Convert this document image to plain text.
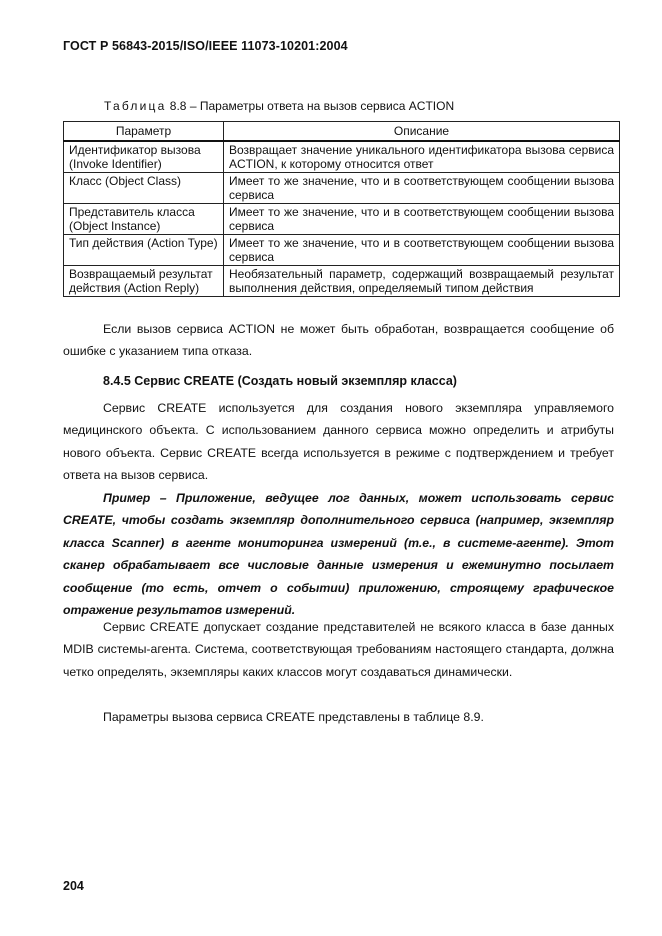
ГОСТ Р 56843-2015/ISO/IEEE 11073-10201:2004
Таблица 8.8 – Параметры ответа на вызов сервиса ACTION
Параметр	Описание
Идентификатор вызова (Invoke Identifier)	Возвращает значение уникального идентификатора вызова сервиса ACTION, к которому относится ответ
Класс (Object Class)	Имеет то же значение, что и в соответствующем сообщении вызова сервиса
Представитель класса (Object Instance)	Имеет то же значение, что и в соответствующем сообщении вызова сервиса
Тип действия (Action Type)	Имеет то же значение, что и в соответствующем сообщении вызова сервиса
Возвращаемый результат действия (Action Reply)	Необязательный параметр, содержащий возвращаемый результат выполнения действия, определяемый типом действия

Если вызов сервиса ACTION не может быть обработан, возвращается сообщение об ошибке с указанием типа отказа.

8.4.5 Сервис CREATE (Создать новый экземпляр класса)

Сервис CREATE используется для создания нового экземпляра управляемого медицинского объекта. С использованием данного сервиса можно определить и атрибуты нового объекта. Сервис CREATE всегда используется в режиме с подтверждением и требует ответа на вызов сервиса.

Пример – Приложение, ведущее лог данных, может использовать сервис CREATE, чтобы создать экземпляр дополнительного сервиса (например, экземпляр класса Scanner) в агенте мониторинга измерений (т.е., в системе-агенте). Этот сканер обрабатывает все числовые данные измерения и ежеминутно посылает сообщение (то есть, отчет о событии) приложению, строящему графическое отражение результатов измерений.

Сервис CREATE допускает создание представителей не всякого класса в базе данных MDIB системы-агента. Система, соответствующая требованиям настоящего стандарта, должна четко определять, экземпляры каких классов могут создаваться динамически.

Параметры вызова сервиса CREATE представлены в таблице 8.9.

204
